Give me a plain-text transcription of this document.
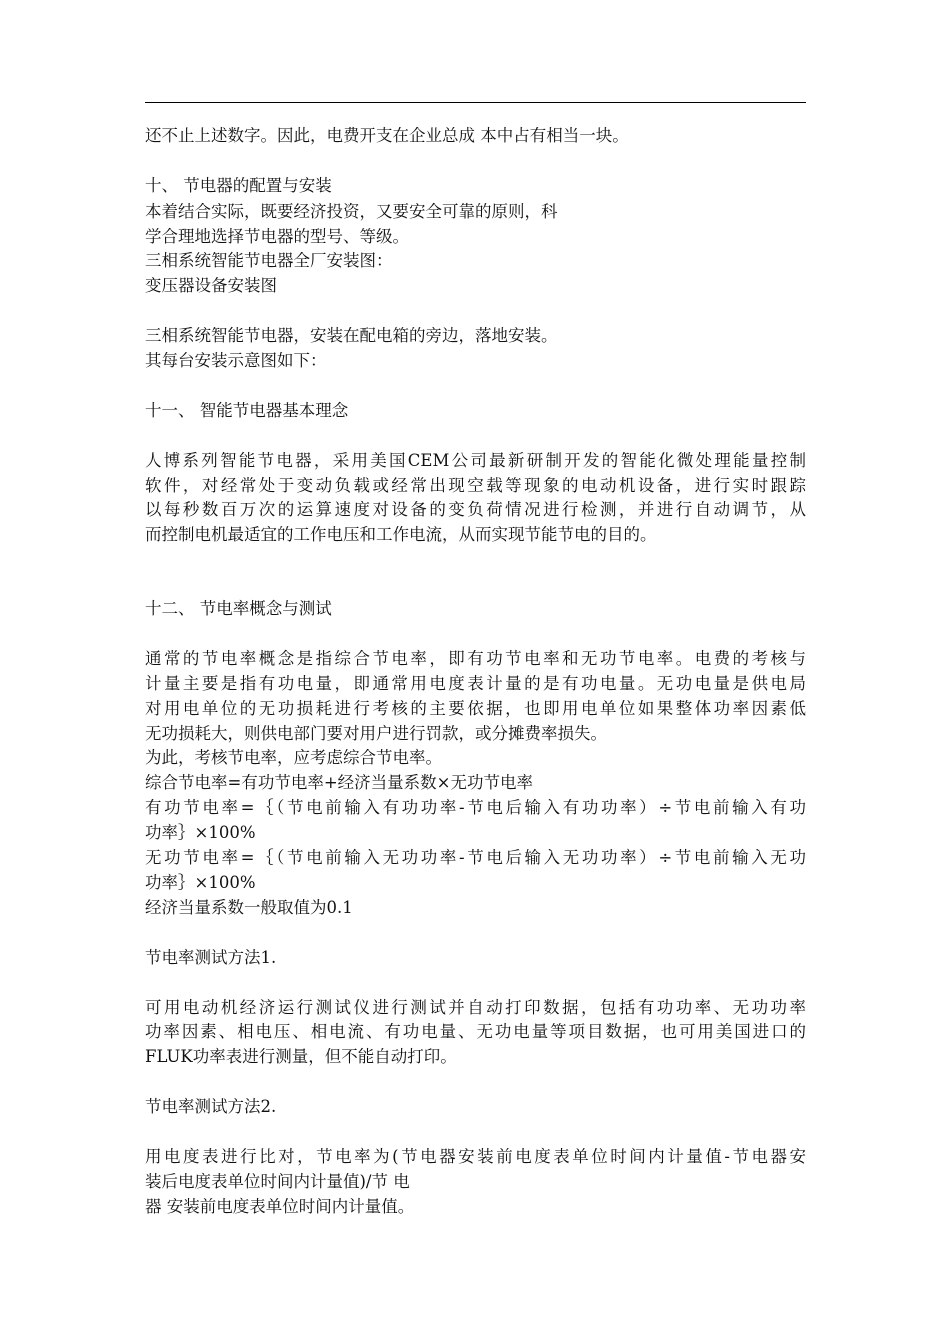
还不止上述数字。因此，电费开支在企业总成 本中占有相当一块。
十、 节电器的配置与安装
本着结合实际，既要经济投资，又要安全可靠的原则，科
学合理地选择节电器的型号、等级。
三相系统智能节电器全厂安装图：
变压器设备安装图
三相系统智能节电器，安装在配电箱的旁边，落地安装。
其每台安装示意图如下：
十一、 智能节电器基本理念
人博系列智能节电器，采用美国CEM公司最新研制开发的智能化微处理能量控制
软件，对经常处于变动负载或经常出现空载等现象的电动机设备，进行实时跟踪
以每秒数百万次的运算速度对设备的变负荷情况进行检测，并进行自动调节，从
而控制电机最适宜的工作电压和工作电流，从而实现节能节电的目的。
十二、 节电率概念与测试
通常的节电率概念是指综合节电率，即有功节电率和无功节电率。电费的考核与
计量主要是指有功电量，即通常用电度表计量的是有功电量。无功电量是供电局
对用电单位的无功损耗进行考核的主要依据，也即用电单位如果整体功率因素低
无功损耗大，则供电部门要对用户进行罚款，或分摊费率损失。
为此，考核节电率，应考虑综合节电率。
综合节电率=有功节电率+经济当量系数×无功节电率
有功节电率=｛（节电前输入有功功率-节电后输入有功功率）÷节电前输入有功
功率｝×100%
无功节电率=｛（节电前输入无功功率-节电后输入无功功率）÷节电前输入无功
功率｝×100%
经济当量系数一般取值为0.1
节电率测试方法1.
可用电动机经济运行测试仪进行测试并自动打印数据，包括有功功率、无功功率
功率因素、相电压、相电流、有功电量、无功电量等项目数据，也可用美国进口的
FLUK功率表进行测量，但不能自动打印。
节电率测试方法2.
用电度表进行比对，节电率为(节电器安装前电度表单位时间内计量值-节电器安
装后电度表单位时间内计量值)/节 电
器 安装前电度表单位时间内计量值。
